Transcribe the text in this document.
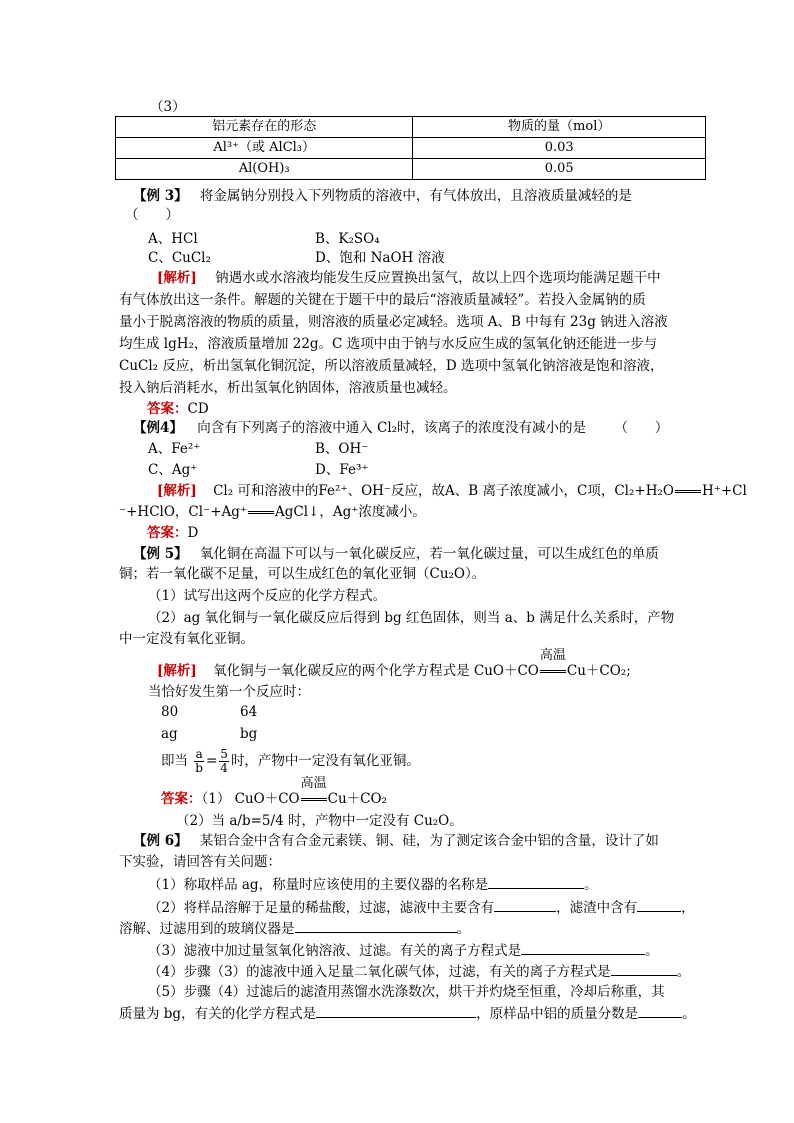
（3）
铝元素存在的形态	物质的量（mol）
Al³⁺（或 AlCl₃）	0.03
Al(OH)₃	0.05
【例 3】 将金属钠分别投入下列物质的溶液中，有气体放出，且溶液质量减轻的是
（　　）
A、HCl	B、K₂SO₄
C、CuCl₂	D、饱和 NaOH 溶液
[解析] 钠遇水或水溶液均能发生反应置换出氢气，故以上四个选项均能满足题干中
有气体放出这一条件。解题的关键在于题干中的最后“溶液质量减轻”。若投入金属钠的质
量小于脱离溶液的物质的质量，则溶液的质量必定减轻。选项 A、B 中每有 23g 钠进入溶液
均生成 lgH₂，溶液质量增加 22g。C 选项中由于钠与水反应生成的氢氧化钠还能进一步与
CuCl₂ 反应，析出氢氧化铜沉淀，所以溶液质量减轻，D 选项中氢氧化钠溶液是饱和溶液，
投入钠后消耗水，析出氢氧化钠固体，溶液质量也减轻。
答案：CD
【例4】 向含有下列离子的溶液中通入 Cl₂时，该离子的浓度没有减小的是 （　　）
A、Fe²⁺	B、OH⁻
C、Ag⁺	D、Fe³⁺
[解析] Cl₂ 可和溶液中的Fe²⁺、OH⁻反应，故A、B 离子浓度减小，C项，Cl₂+H₂O H⁺+Cl
⁻+HClO，Cl⁻+Ag⁺ AgCl↓，Ag⁺浓度减小。
答案：D
【例 5】 氧化铜在高温下可以与一氧化碳反应，若一氧化碳过量，可以生成红色的单质
铜；若一氧化碳不足量，可以生成红色的氧化亚铜（Cu₂O）。
（1）试写出这两个反应的化学方程式。
（2）ag 氧化铜与一氧化碳反应后得到 bg 红色固体，则当 a、b 满足什么关系时，产物
中一定没有氧化亚铜。
[解析] 氧化铜与一氧化碳反应的两个化学方程式是 CuO＋CO
高温
Cu＋CO₂;
当恰好发生第一个反应时：
80	64
ag	bg
即当 $\frac{a}{b} = \frac{5}{4}$ 时，产物中一定没有氧化亚铜。
答案：（1） CuO＋CO
高温
Cu＋CO₂
（2）当 a/b=5/4 时，产物中一定没有 Cu₂O。
【例 6】 某铝合金中含有合金元素镁、铜、硅，为了测定该合金中铝的含量，设计了如
下实验，请回答有关问题：
（1）称取样品 ag，称量时应该使用的主要仪器的名称是	。
（2）将样品溶解于足量的稀盐酸，过滤，滤液中主要含有	，滤渣中含有	，
溶解、过滤用到的玻璃仪器是	。
（3）滤液中加过量氢氧化钠溶液、过滤。有关的离子方程式是	。
（4）步骤（3）的滤液中通入足量二氧化碳气体，过滤，有关的离子方程式是	。
（5）步骤（4）过滤后的滤渣用蒸馏水洗涤数次，烘干并灼烧至恒重，冷却后称重，其
质量为 bg，有关的化学方程式是	，原样品中铝的质量分数是	。
